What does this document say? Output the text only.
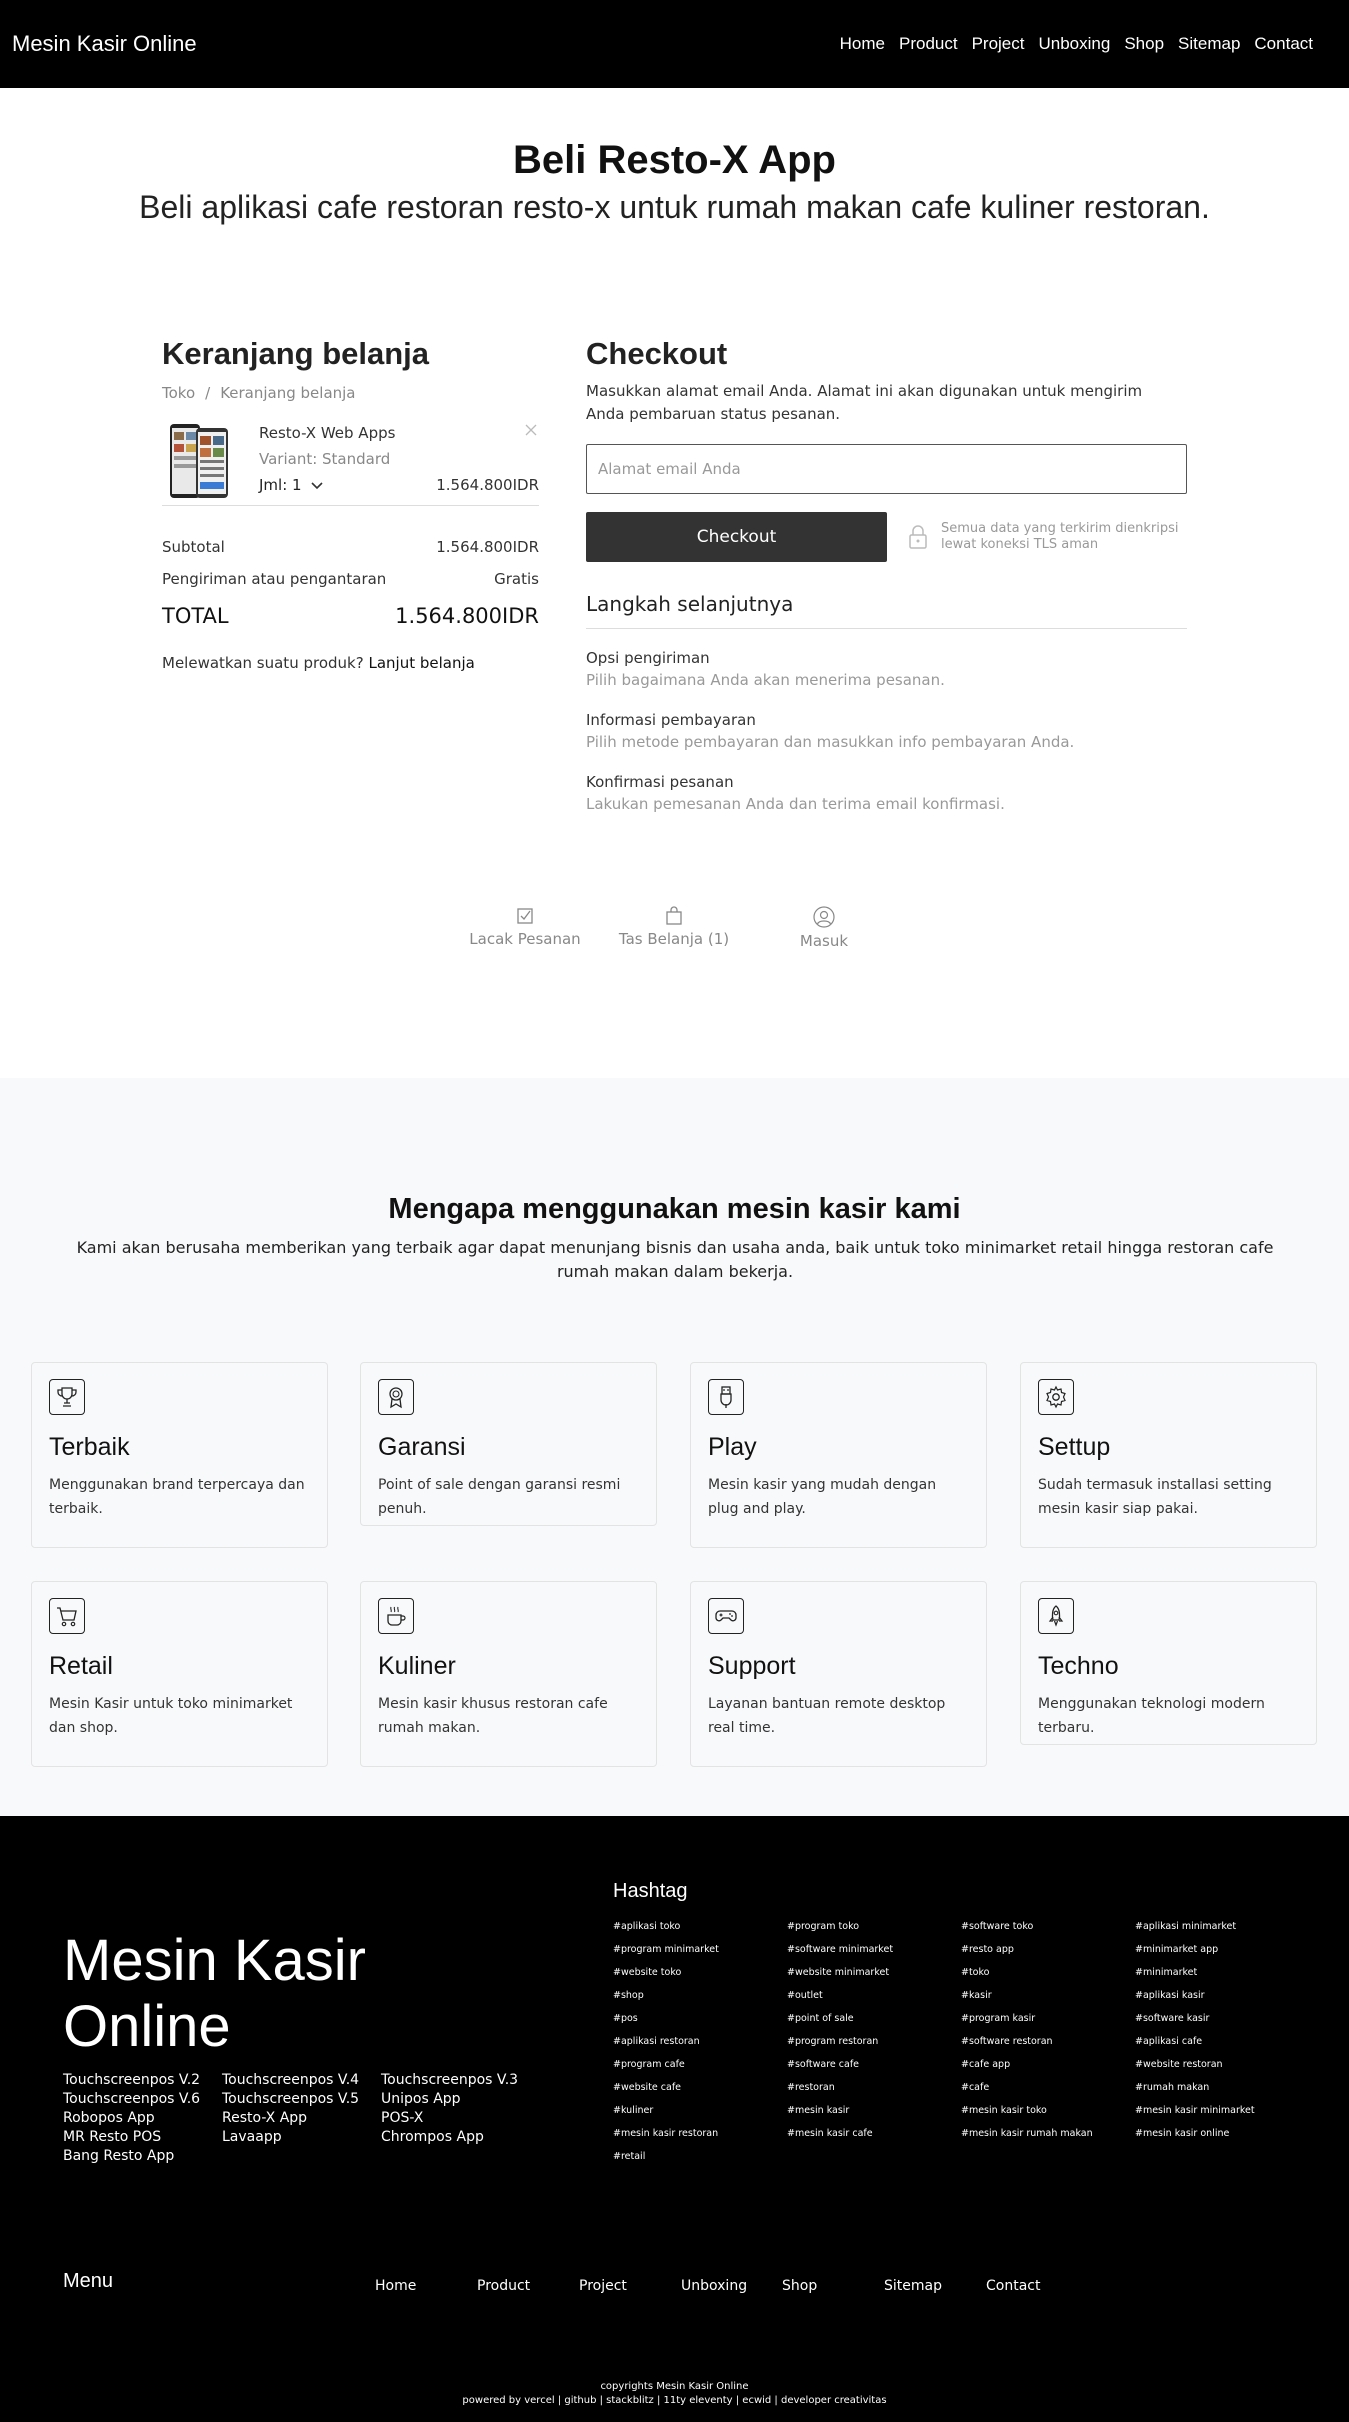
Mesin Kasir Online	Home Product Project Unboxing Shop Sitemap Contact
Beli Resto-X App

Beli aplikasi cafe restoran resto-x untuk rumah makan cafe kuliner restoran.

Keranjang belanja
Toko / Keranjang belanja
Resto-X Web Apps
Variant: Standard
Jml: 1	1.564.800IDR
Subtotal	1.564.800IDR
Pengiriman atau pengantaran	Gratis
TOTAL	1.564.800IDR
Melewatkan suatu produk? Lanjut belanja
Checkout
Masukkan alamat email Anda. Alamat ini akan digunakan untuk mengirim Anda pembaruan status pesanan.
Alamat email Anda
Checkout	Semua data yang terkirim dienkripsi lewat koneksi TLS aman
Langkah selanjutnya
Opsi pengiriman
Pilih bagaimana Anda akan menerima pesanan.
Informasi pembayaran
Pilih metode pembayaran dan masukkan info pembayaran Anda.
Konfirmasi pesanan
Lakukan pemesanan Anda dan terima email konfirmasi.
Lacak Pesanan	Tas Belanja (1)	Masuk
Mengapa menggunakan mesin kasir kami
Kami akan berusaha memberikan yang terbaik agar dapat menunjang bisnis dan usaha anda, baik untuk toko minimarket retail hingga restoran cafe rumah makan dalam bekerja.
Terbaik

Menggunakan brand terpercaya dan terbaik.

Garansi

Point of sale dengan garansi resmi penuh.

Play

Mesin kasir yang mudah dengan plug and play.

Settup

Sudah termasuk installasi setting mesin kasir siap pakai.

Retail

Mesin Kasir untuk toko minimarket dan shop.

Kuliner

Mesin kasir khusus restoran cafe rumah makan.

Support

Layanan bantuan remote desktop real time.

Techno

Menggunakan teknologi modern terbaru.

Mesin Kasir Online
Touchscreenpos V.2	Touchscreenpos V.4	Touchscreenpos V.3
Touchscreenpos V.6	Touchscreenpos V.5	Unipos App
Robopos App	Resto-X App	POS-X
MR Resto POS	Lavaapp	Chrompos App
Bang Resto App
Hashtag
#aplikasi toko	#program toko	#software toko	#aplikasi minimarket
#program minimarket	#software minimarket	#resto app	#minimarket app
#website toko	#website minimarket	#toko	#minimarket
#shop	#outlet	#kasir	#aplikasi kasir
#pos	#point of sale	#program kasir	#software kasir
#aplikasi restoran	#program restoran	#software restoran	#aplikasi cafe
#program cafe	#software cafe	#cafe app	#website restoran
#website cafe	#restoran	#cafe	#rumah makan
#kuliner	#mesin kasir	#mesin kasir toko	#mesin kasir minimarket
#mesin kasir restoran	#mesin kasir cafe	#mesin kasir rumah makan	#mesin kasir online
#retail
Menu	Home	Product	Project	Unboxing Shop	Sitemap	Contact
copyrights Mesin Kasir Online
powered by vercel | github | stackblitz | 11ty eleventy | ecwid | developer creativitas
